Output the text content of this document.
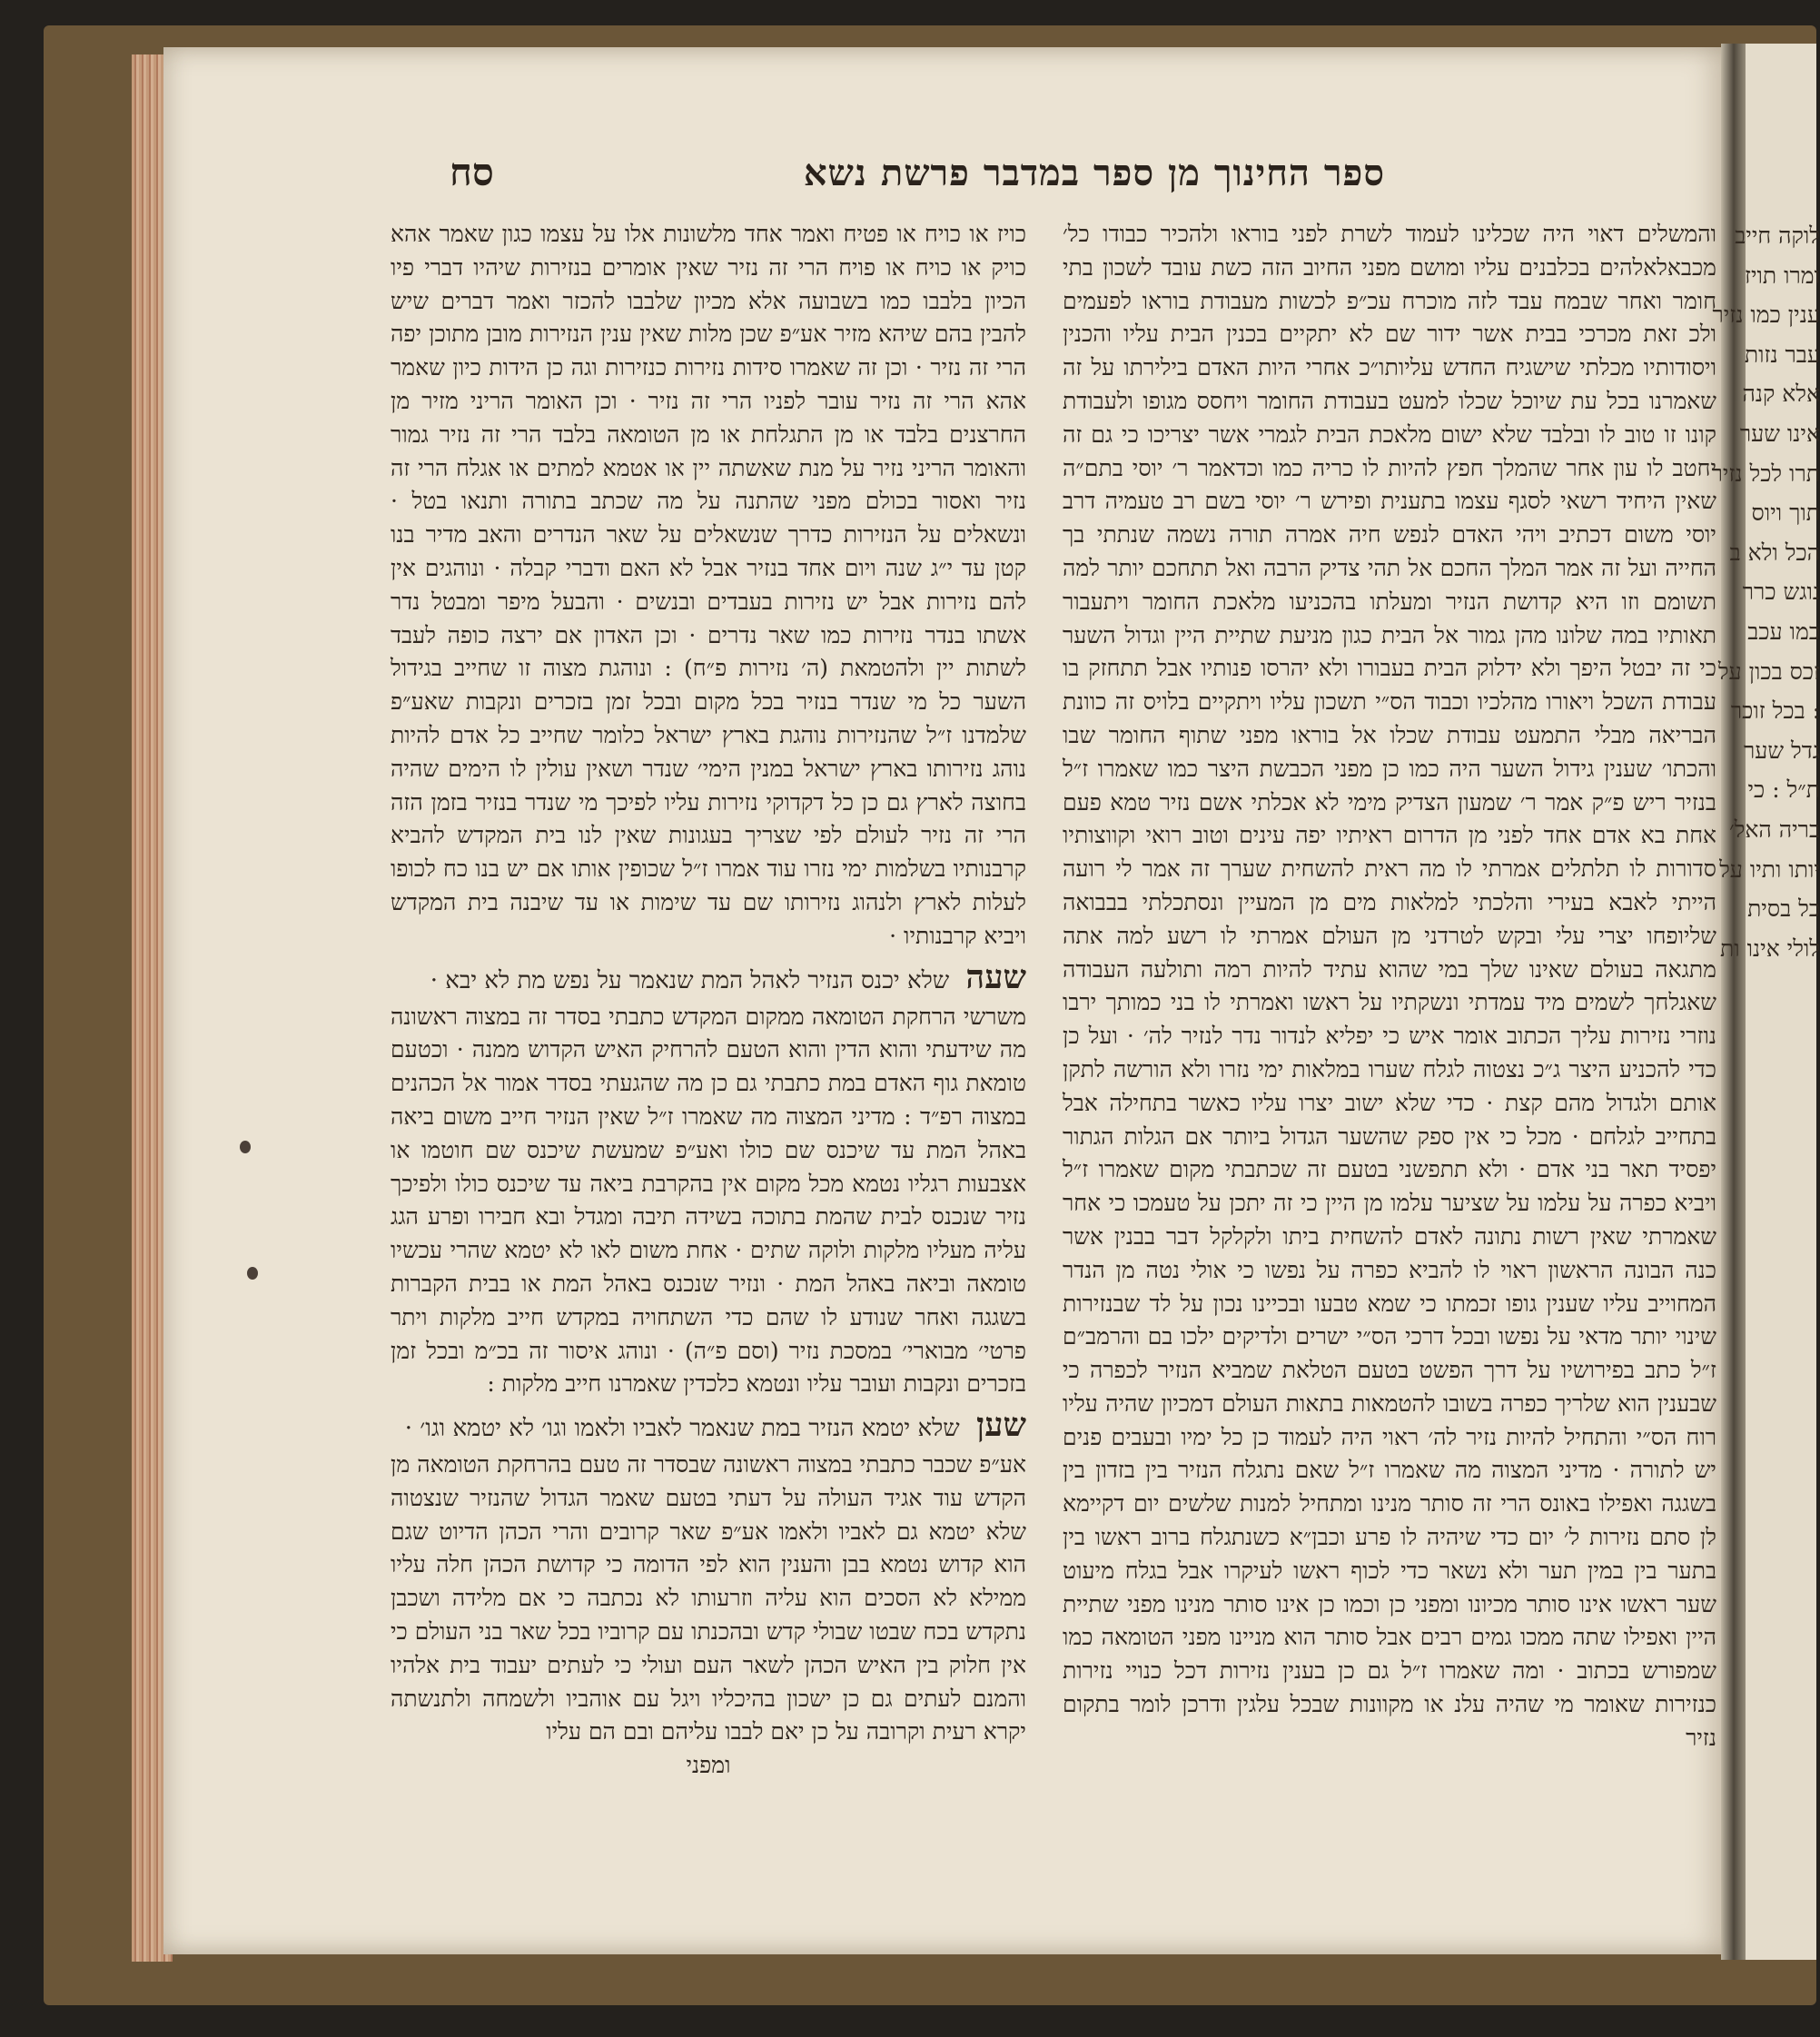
ספר החינוך מן ספר במדבר פרשת נשא
סח

והמשלים דאוי היה שכלינו לעמוד לשרת לפני בוראו ולהכיר כבודו כל׳ מכבאלאלהים בכלבנים עליו ומושם מפני החיוב הזה כשת עובד לשכון בתי חומר ואחר שבמח עבד לזה מוכרח עכ״פ לכשות מעבודת בוראו לפעמים ולכ זאת מכרכי בבית אשר ידור שם לא יתקיים בכנין הבית עליו והכנין ויסודותיו מכלתי שישגיח החדש עליותו״כ אחרי היות האדם בילירתו על זה שאמרנו בכל עת שיוכל שכלו למעט בעבודת החומר ויחסס מגופו ולעבודת קונו זו טוב לו ובלבד שלא ישום מלאכת הבית לגמרי אשר יצריכו כי גם זה יחטב לו עון אחר שהמלך חפץ להיות לו כריה כמו וכדאמר ר׳ יוסי בתם״ה שאין היחיד רשאי לסגף עצמו בתענית ופירש ר׳ יוסי בשם רב טעמיה דרב יוסי משום דכתיב ויהי האדם לנפש חיה אמרה תורה נשמה שנתתי בך החייה ועל זה אמר המלך החכם אל תהי צדיק הרבה ואל תתחכם יותר למה תשומם וזו היא קדושת הנזיר ומעלתו בהכניעו מלאכת החומר ויתעבור תאותיו במה שלונו מהן גמור אל הבית כגון מניעת שתיית היין וגדול השער כי זה יבטל היפך ולא ידלוק הבית בעבורו ולא יהרסו פנותיו אבל תתחזק בו עבודת השכל ויאורו מהלכיו וכבוד הס״י תשכון עליו ויתקיים בלויס זה כוונת הבריאה מבלי התמעט עבודת שכלו אל בוראו מפני שתוף החומר שבו והכתו׳ שענין גידול השער היה כמו כן מפני הכבשת היצר כמו שאמרו ז״ל בנזיר ריש פ״ק אמר ר׳ שמעון הצדיק מימי לא אכלתי אשם נזיר טמא פעם אחת בא אדם אחד לפני מן הדרום ראיתיו יפה עינים וטוב רואי וקווצותיו סדורות לו תלתלים אמרתי לו מה ראית להשחית שערך זה אמר לי רועה הייתי לאבא בעירי והלכתי למלאות מים מן המעיין ונסתכלתי בבבואה שליופחו יצרי עלי ובקש לטרדני מן העולם אמרתי לו רשע למה אתה מתגאה בעולם שאינו שלך במי שהוא עתיד להיות רמה ותולעה העבודה שאגלחך לשמים מיד עמדתי ונשקתיו על ראשו ואמרתי לו בני כמותך ירבו נוזרי נזירות עליך הכתוב אומר איש כי יפליא לנדור נדר לנזיר לה׳ · ועל כן כדי להכניע היצר ג״כ נצטוה לגלח שערו במלאות ימי נזרו ולא הורשה לתקן אותם ולגדול מהם קצת · כדי שלא ישוב יצרו עליו כאשר בתחילה אבל בתחייב לגלחם · מכל כי אין ספק שהשער הגדול ביותר אם הגלות הגתור יפסיד תאר בני אדם · ולא תתפשני בטעם זה שכתבתי מקום שאמרו ז״ל ויביא כפרה על עלמו על שציער עלמו מן היין כי זה יתכן על טעמכו כי אחר שאמרתי שאין רשות נתונה לאדם להשחית ביתו ולקלקל דבר בבנין אשר כנה הבונה הראשון ראוי לו להביא כפרה על נפשו כי אולי נטה מן הנדר המחוייב עליו שענין גופו זכמתו כי שמא טבעו ובכיינו נכון על לד שבנזירות שינוי יותר מדאי על נפשו ובכל דרכי הס״י ישרים ולדיקים ילכו בם והרמב״ם ז״ל כתב בפירושיו על דרך הפשט בטעם הטלאת שמביא הנזיר לכפרה כי שבענין הוא שלריך כפרה בשובו להטמאות בתאות העולם דמכיון שהיה עליו רוח הס״י והתחיל להיות נזיר לה׳ ראוי היה לעמוד כן כל ימיו ובעבים פנים יש לתורה · מדיני המצוה מה שאמרו ז״ל שאם נתגלח הנזיר בין בזדון בין בשגגה ואפילו באונס הרי זה סותר מנינו ומתחיל למנות שלשים יום דקיימא לן סתם נזירות ל׳ יום כדי שיהיה לו פרע וכבן״א כשנתגלח ברוב ראשו בין בתער בין במין תער ולא נשאר כדי לכוף ראשו לעיקרו אבל בגלח מיעוט שער ראשו אינו סותר מכיונו ומפני כן וכמו כן אינו סותר מנינו מפני שתיית היין ואפילו שתה ממכו גמים רבים אבל סותר הוא מניינו מפני הטומאה כמו שמפורש בכתוב · ומה שאמרו ז״ל גם כן בענין נזירות דכל כנויי נזירות כנזירות שאומר מי שהיה עלנ או מקוונות שבכל עלגין ודרכן לומר בתקום נזיר

כויז או כויח או פטיח ואמר אחד מלשונות אלו על עצמו כגון שאמר אהא כויק או כויח או פויח הרי זה נזיר שאין אומרים בנזירות שיהיו דברי פיו הכיון בלבבו כמו בשבועה אלא מכיון שלבבו להכזר ואמר דברים שיש להבין בהם שיהא מזיר אע״פ שכן מלות שאין ענין הנזירות מובן מתוכן יפה הרי זה נזיר · וכן זה שאמרו סידות נזירות כנזירות וגה כן הידות כיון שאמר אהא הרי זה נזיר עובר לפניו הרי זה נזיר · וכן האומר הריני מזיר מן החרצנים בלבד או מן התגלחת או מן הטומאה בלבד הרי זה נזיר גמור והאומר הריני נזיר על מנת שאשתה יין או אטמא למתים או אגלח הרי זה נזיר ואסור בכולם מפני שהתנה על מה שכתב בתורה ותנאו בטל · ונשאלים על הנזירות כדרך שנשאלים על שאר הנדרים והאב מדיר בנו קטן עד י״ג שנה ויום אחד בנזיר אבל לא האם ודברי קבלה · ונוהגים אין להם נזירות אבל יש נזירות בעבדים ובנשים · והבעל מיפר ומבטל נדר אשתו בנדר נזירות כמו שאר נדרים · וכן האדון אם ירצה כופה לעבד לשתות יין ולהטמאת (ה׳ נזירות פ״ח) : ונוהגת מצוה זו שחייב בגידול השער כל מי שנדר בנזיר בכל מקום ובכל זמן בזכרים ונקבות שאע״פ שלמדנו ז״ל שהנזירות נוהגת בארץ ישראל כלומר שחייב כל אדם להיות נוהג נזירותו בארץ ישראל במנין הימי׳ שנדר ושאין עולין לו הימים שהיה בחוצה לארץ גם כן כל דקדוקי נזירות עליו לפיכך מי שנדר בנזיר בזמן הזה הרי זה נזיר לעולם לפי שצריך בעגונות שאין לנו בית המקדש להביא קרבנותיו בשלמות ימי נזרו עוד אמרו ז״ל שכופין אותו אם יש בנו כח לכופו לעלות לארץ ולנהוג נזירותו שם עד שימות או עד שיבנה בית המקדש ויביא קרבנותיו ·

שעה שלא יכנס הנזיר לאהל המת שנאמר על נפש מת לא יבא ·

משרשי הרחקת הטומאה ממקום המקדש כתבתי בסדר זה במצוה ראשונה מה שידעתי והוא הדין והוא הטעם להרחיק האיש הקדוש ממנה · וכטעם טומאת גוף האדם במת כתבתי גם כן מה שהגעתי בסדר אמור אל הכהנים במצוה רפ״ד : מדיני המצוה מה שאמרו ז״ל שאין הנזיר חייב משום ביאה באהל המת עד שיכנס שם כולו ואע״פ שמעשת שיכנס שם חוטמו או אצבעות רגליו נטמא מכל מקום אין בהקרבת ביאה עד שיכנס כולו ולפיכך נזיר שנכנס לבית שהמת בתוכה בשידה תיבה ומגדל ובא חבירו ופרע הגג עליה מעליו מלקות ולוקה שתים · אחת משום לאו לא יטמא שהרי עכשיו טומאה וביאה באהל המת · ונזיר שנכנס באהל המת או בבית הקברות בשגגה ואחר שנודע לו שהם כדי השתחויה במקדש חייב מלקות ויתר פרטי׳ מבוארי׳ במסכת נזיר (וסם פ״ה) · ונוהג איסור זה בכ״מ ובכל זמן בזכרים ונקבות ועובר עליו ונטמא כלכדין שאמרנו חייב מלקות :

שען שלא יטמא הנזיר במת שנאמר לאביו ולאמו וגו׳ לא יטמא וגו׳ ·

אע״פ שכבר כתבתי במצוה ראשונה שבסדר זה טעם בהרחקת הטומאה מן הקדש עוד אגיד העולה על דעתי בטעם שאמר הגדול שהנזיר שנצטוה שלא יטמא גם לאביו ולאמו אע״פ שאר קרובים והרי הכהן הדיוט שגם הוא קדוש נטמא בבן והענין הוא לפי הדומה כי קדושת הכהן חלה עליו ממילא לא הסכים הוא עליה וזרעותו לא נכתבה כי אם מלידה ושכבן נתקדש בכח שבטו שבולי קדש ובהכנתו עם קרוביו בכל שאר בני העולם כי אין חלוק בין האיש הכהן לשאר העם ועולי כי לעתים יעבוד בית אלהיו והמנם לעתים גם כן ישכון בהיכליו ויגל עם אוהביו ולשמחה ולתנשתה יקרא רעית וקרובה על כן יאם לבבו עליהם ובם הם עליו

ומפני

לוקה חייב ומרו תויז ענין כמו נזיר עבר נזות אלא קנה אינו שער תרו לכל נזיר תוך ויוס הכל ולא ב נוגש כרר כמו עכב זכס בכון על : בכל זוכר גדל שער ת״ל : כי בריה האל׳ יותו ותיו על כל בסית לולי אינו ות
